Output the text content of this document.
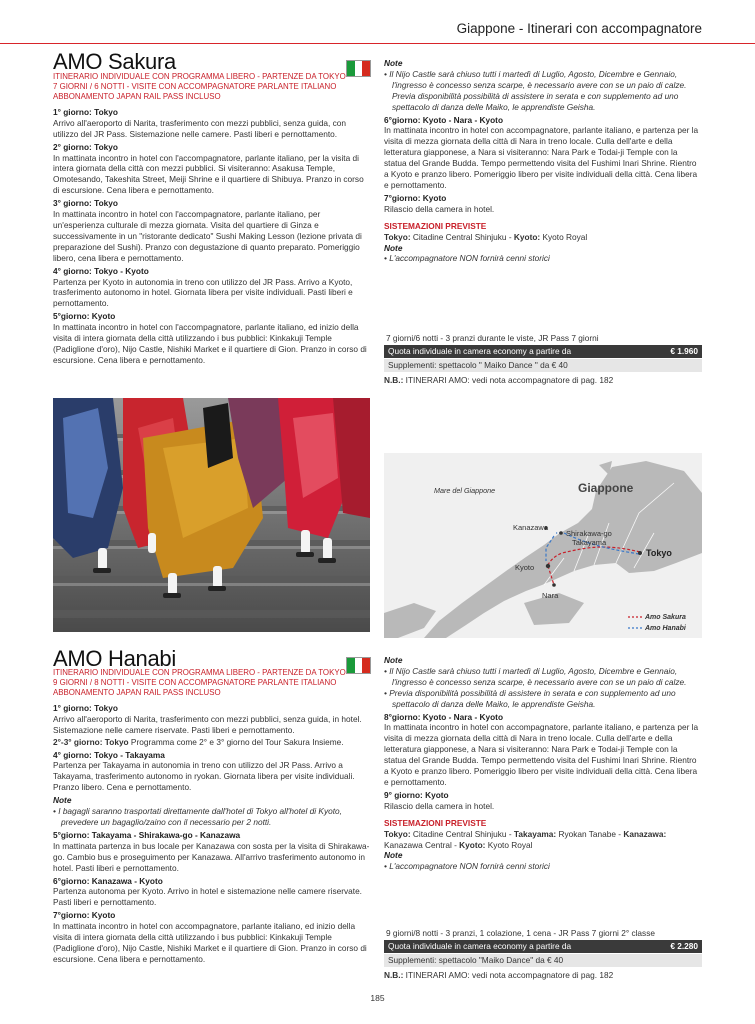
Giappone - Itinerari con accompagnatore
AMO Sakura

ITINERARIO INDIVIDUALE CON PROGRAMMA LIBERO - PARTENZE DA TOKYO

7 GIORNI / 6 NOTTI - VISITE CON ACCOMPAGNATORE PARLANTE ITALIANO

ABBONAMENTO JAPAN RAIL PASS INCLUSO

1° giorno: Tokyo

Arrivo all'aeroporto di Narita, trasferimento con mezzi pubblici, senza guida, con utilizzo del JR Pass. Sistemazione nelle camere. Pasti liberi e pernottamento.

2° giorno: Tokyo

In mattinata incontro in hotel con l'accompagnatore, parlante italiano, per la visita di intera giornata della città con mezzi pubblici. Si visiteranno: Asakusa Temple, Omotesando, Takeshita Street, Meiji Shrine e il quartiere di Shibuya. Pranzo in corso di escursione. Cena libera e pernottamento.

3° giorno: Tokyo

In mattinata incontro in hotel con l'accompagnatore, parlante italiano, per un'esperienza culturale di mezza giornata. Visita del quartiere di Ginza e successivamente in un "ristorante dedicato" Sushi Making Lesson (lezione privata di preparazione del Sushi). Pranzo con degustazione di quanto preparato. Pomeriggio libero, cena libera e pernottamento.

4° giorno: Tokyo - Kyoto

Partenza per Kyoto in autonomia in treno con utilizzo del JR Pass. Arrivo a Kyoto, trasferimento autonomo in hotel. Giornata libera per visite individuali. Pasti liberi e pernottamento.

5°giorno: Kyoto

In mattinata incontro in hotel con l'accompagnatore, parlante italiano, ed inizio della visita di intera giornata della città utilizzando i bus pubblici: Kinkakuji Temple (Padiglione d'oro), Nijo Castle, Nishiki Market e il quartiere di Gion. Pranzo in corso di escursione. Cena libera e pernottamento.

Note

• Il Nijo Castle sarà chiuso tutti i martedì di Luglio, Agosto, Dicembre e Gennaio, l'ingresso è concesso senza scarpe, è necessario avere con se un paio di calze. Previa disponibilità possibilità di assistere in serata e con supplemento ad uno spettacolo di danza delle Maiko, le apprendiste Geisha.

6°giorno: Kyoto - Nara - Kyoto

In mattinata incontro in hotel con accompagnatore, parlante italiano, e partenza per la visita di mezza giornata della città di Nara in treno locale. Culla dell'arte e della letteratura giapponese, a Nara si visiteranno: Nara Park e Todai-ji Temple con la statua del Grande Budda. Tempo permettendo visita del Fushimi Inari Shrine. Rientro a Kyoto e pranzo libero. Pomeriggio libero per visite individuali della città. Cena libera e pernottamento.

7°giorno: Kyoto

Rilascio della camera in hotel.

SISTEMAZIONI PREVISTE

Tokyo: Citadine Central Shinjuku - Kyoto: Kyoto Royal

Note

• L'accompagnatore NON fornirà cenni storici

7 giorni/6 notti - 3 pranzi durante le viste, JR Pass 7 giorni
Quota individuale in camera economy a partire da	€ 1.960
Supplementi: spettacolo " Maiko Dance " da € 40
N.B.: ITINERARI AMO: vedi nota accompagnatore di pag. 182
Mare del Giappone	Giappone
Kanazawa
Shirakawa-go
Takayama
Tokyo
Kyoto
Nara
Amo Sakura
Amo Hanabi
AMO Hanabi

ITINERARIO INDIVIDUALE CON PROGRAMMA LIBERO - PARTENZE DA TOKYO

9 GIORNI / 8 NOTTI - VISITE CON ACCOMPAGNATORE PARLANTE ITALIANO

ABBONAMENTO JAPAN RAIL PASS INCLUSO

1° giorno: Tokyo

Arrivo all'aeroporto di Narita, trasferimento con mezzi pubblici, senza guida, in hotel. Sistemazione nelle camere riservate. Pasti liberi e pernottamento.

2°-3° giorno: Tokyo Programma come 2° e 3° giorno del Tour Sakura Insieme.

4° giorno: Tokyo - Takayama

Partenza per Takayama in autonomia in treno con utilizzo del JR Pass. Arrivo a Takayama, trasferimento autonomo in ryokan. Giornata libera per visite individuali. Pranzo libero. Cena e pernottamento.

Note

• I bagagli saranno trasportati direttamente dall'hotel di Tokyo all'hotel di Kyoto, prevedere un bagaglio/zaino con il necessario per 2 notti.

5°giorno: Takayama - Shirakawa-go - Kanazawa

In mattinata partenza in bus locale per Kanazawa con sosta per la visita di Shirakawa-go. Cambio bus e proseguimento per Kanazawa. All'arrivo trasferimento autonomo in hotel. Pasti liberi e pernottamento.

6°giorno: Kanazawa - Kyoto

Partenza autonoma per Kyoto. Arrivo in hotel e sistemazione nelle camere riservate. Pasti liberi e pernottamento.

7°giorno: Kyoto

In mattinata incontro in hotel con accompagnatore, parlante italiano, ed inizio della visita di intera giornata della città utilizzando i bus pubblici: Kinkakuji Temple (Padiglione d'oro), Nijo Castle, Nishiki Market e il quartiere di Gion. Pranzo in corso di escursione. Cena libera e pernottamento.

Note

• Il Nijo Castle sarà chiuso tutti i martedì di Luglio, Agosto, Dicembre e Gennaio, l'ingresso è concesso senza scarpe, è necessario avere con se un paio di calze.

• Previa disponibilità possibilità di assistere in serata e con supplemento ad uno spettacolo di danza delle Maiko, le apprendiste Geisha.

8°giorno: Kyoto - Nara - Kyoto

In mattinata incontro in hotel con accompagnatore, parlante italiano, e partenza per la visita di mezza giornata della città di Nara in treno locale. Culla dell'arte e della letteratura giapponese, a Nara si visiteranno: Nara Park e Todai-ji Temple con la statua del Grande Budda. Tempo permettendo visita del Fushimi Inari Shrine. Rientro a Kyoto e pranzo libero. Pomeriggio libero per visite individuali della città. Cena libera e pernottamento.

9° giorno: Kyoto

Rilascio della camera in hotel.

SISTEMAZIONI PREVISTE

Tokyo: Citadine Central Shinjuku - Takayama: Ryokan Tanabe - Kanazawa: Kanazawa Central - Kyoto: Kyoto Royal

Note

• L'accompagnatore NON fornirà cenni storici

9 giorni/8 notti - 3 pranzi, 1 colazione, 1 cena - JR Pass 7 giorni 2° classe
Quota individuale in camera economy a partire da	€ 2.280
Supplementi: spettacolo "Maiko Dance" da € 40
N.B.: ITINERARI AMO: vedi nota accompagnatore di pag. 182
185
